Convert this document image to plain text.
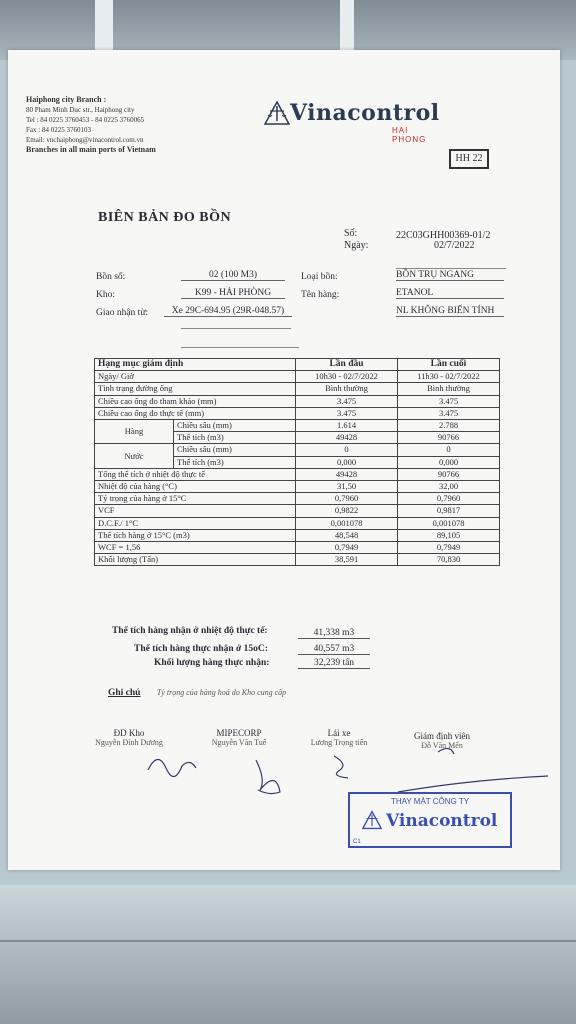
Haiphong city Branch :
80 Pham Minh Duc str., Haiphong city
Tel : 84 0225 3760453 - 84 0225 3760065
Fax : 84 0225 3760103
Email: vnchaiphong@vinacontrol.com.vn
Branches in all main ports of Vietnam
Vinacontrol
HAI PHONG
HH 22
BIÊN BẢN ĐO BỒN
Số:	22C03GHH00369-01/2
Ngày:	02/7/2022
Bồn số:	02 (100 M3)
Kho:	K99 - HẢI PHÒNG
Giao nhận từ:	Xe 29C-694.95 (29R-048.57)
Loại bồn:	BỒN TRỤ NGANG
Tên hàng:	ETANOL
NL KHÔNG BIẾN TÍNH
Hạng mục giám định		Lần đầu	Lần cuối
Ngày/ Giờ		10h30 - 02/7/2022	11h30 - 02/7/2022
Tình trạng đường ống		Bình thường	Bình thường
Chiều cao ống đo tham khảo (mm)		3.475	3.475
Chiều cao ống đo thực tế (mm)		3.475	3.475
Hàng	Chiều sâu (mm)	1.614	2.788
	Thể tích (m3)	49428	90766
Nước	Chiều sâu (mm)	0	0
	Thể tích (m3)	0,000	0,000
Tổng thể tích ở nhiệt độ thực tế		49428	90766
Nhiệt độ của hàng (°C)		31,50	32,00
Tỷ trọng của hàng ở 15°C		0,7960	0,7960
VCF		0,9822	0,9817
D.C.F./ 1°C		0,001078	0,001078
Thể tích hàng ở 15°C (m3)		48,548	89,105
WCF = 1,56		0,7949	0,7949
Khối lượng (Tấn)		38,591	70,830
Thể tích hàng nhận ở nhiệt độ thực tế:	41,338 m3
Thể tích hàng thực nhận ở 15oC:	40,557 m3
Khối lượng hàng thực nhận:	32,239 tấn
Ghi chú Tỷ trọng của hàng hoá do Kho cung cấp
ĐD Kho
Nguyễn Đình Dương
MIPECORP
Nguyễn Văn Tuế
Lái xe
Lương Trọng tiến
Giám định viên
Đỗ Văn Mến
THAY MẶT CÔNG TY
Vinacontrol
C1
